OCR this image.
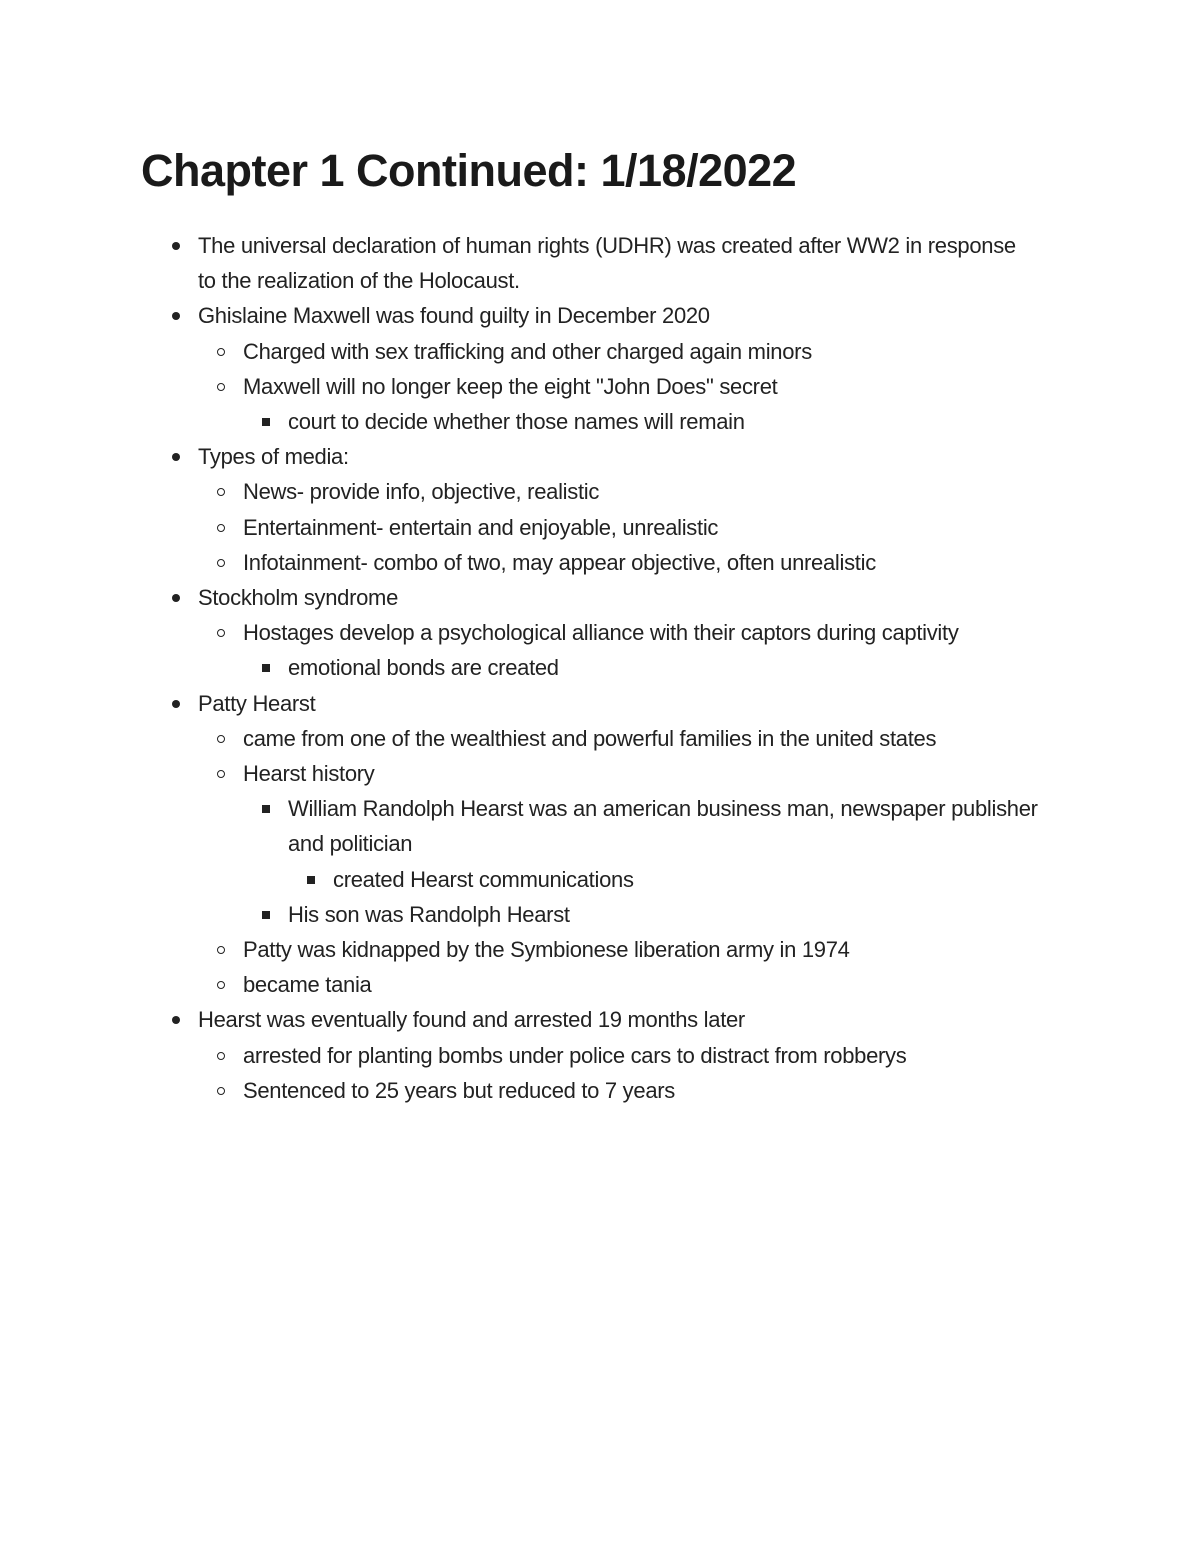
Chapter 1 Continued: 1/18/2022
The universal declaration of human rights (UDHR) was created after WW2 in response to the realization of the Holocaust.
Ghislaine Maxwell was found guilty in December 2020
Charged with sex trafficking and other charged again minors
Maxwell will no longer keep the eight "John Does" secret
court to decide whether those names will remain
Types of media:
News- provide info, objective, realistic
Entertainment- entertain and enjoyable, unrealistic
Infotainment- combo of two, may appear objective, often unrealistic
Stockholm syndrome
Hostages develop a psychological alliance with their captors during captivity
emotional bonds are created
Patty Hearst
came from one of the wealthiest and powerful families in the united states
Hearst history
William Randolph Hearst was an american business man, newspaper publisher and politician
created Hearst communications
His son was Randolph Hearst
Patty was kidnapped by the Symbionese liberation army in 1974
became tania
Hearst was eventually found and arrested 19 months later
arrested for planting bombs under police cars to distract from robberys
Sentenced to 25 years but reduced to 7 years
